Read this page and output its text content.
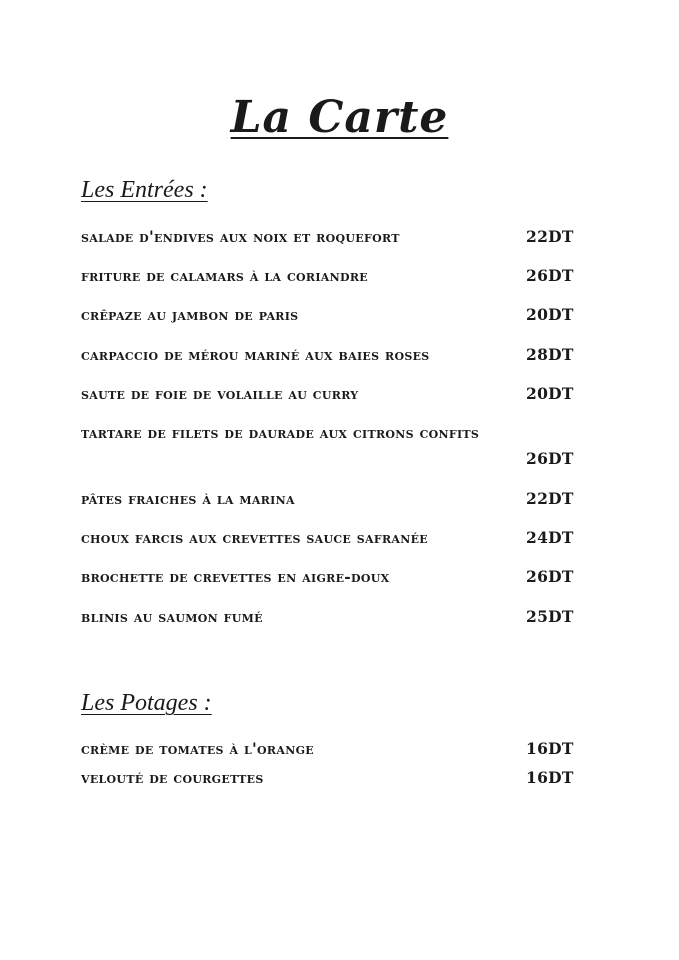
La Carte
Les Entrées :
salade d'endives aux noix et roquefort	22DT
friture de calamars à la coriandre	26DT
crêpaze au jambon de paris	20DT
carpaccio de mérou mariné aux baies roses	28DT
saute de foie de volaille au curry	20DT
tartare de filets de daurade aux citrons confits
26DT
pâtes fraiches à la marina	22DT
choux farcis aux crevettes sauce safranée	24DT
brochette de crevettes en aigre-doux	26DT
blinis au saumon fumé	25DT
Les Potages :
crème de tomates à l'orange	16DT
velouté de courgettes	16DT
